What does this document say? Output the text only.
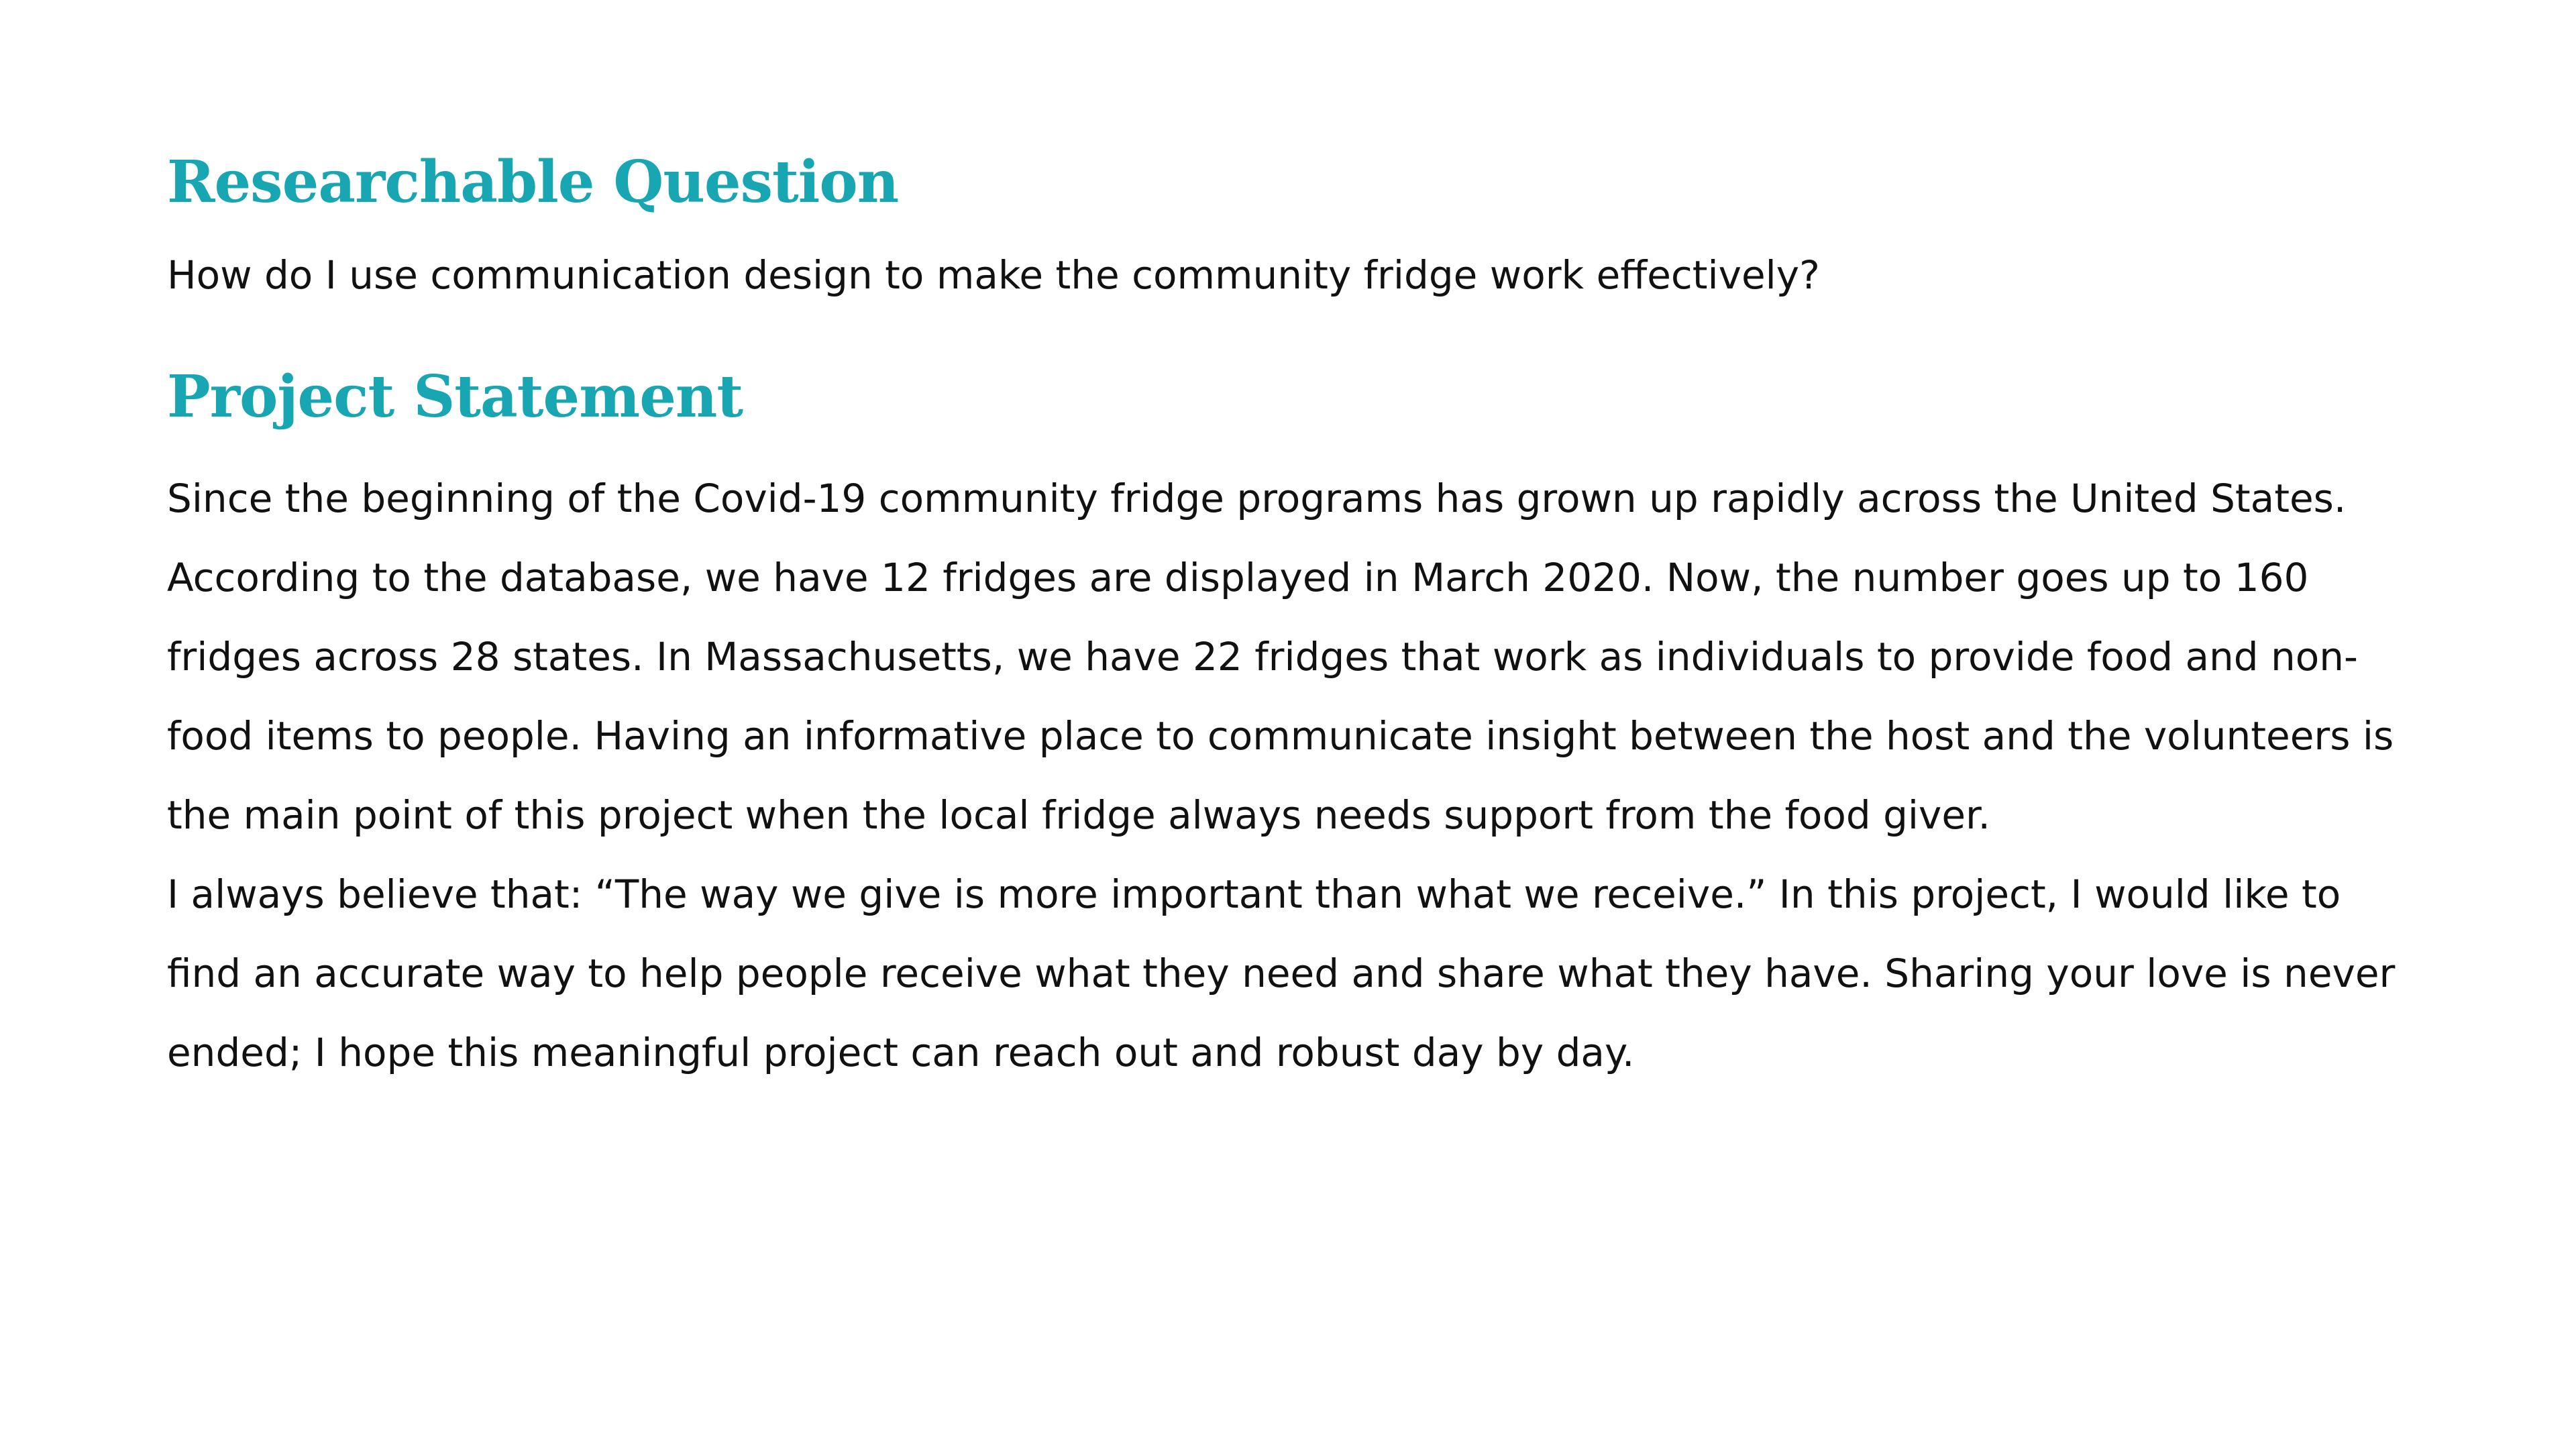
Researchable Question

How do I use communication design to make the community fridge work effectively?

Project Statement
Since the beginning of the Covid-19 community fridge programs has grown up rapidly across the United States.
According to the database, we have 12 fridges are displayed in March 2020. Now, the number goes up to 160
fridges across 28 states. In Massachusetts, we have 22 fridges that work as individuals to provide food and non-
food items to people. Having an informative place to communicate insight between the host and the volunteers is
the main point of this project when the local fridge always needs support from the food giver.
I always believe that: “The way we give is more important than what we receive.” In this project, I would like to
find an accurate way to help people receive what they need and share what they have. Sharing your love is never
ended; I hope this meaningful project can reach out and robust day by day.
